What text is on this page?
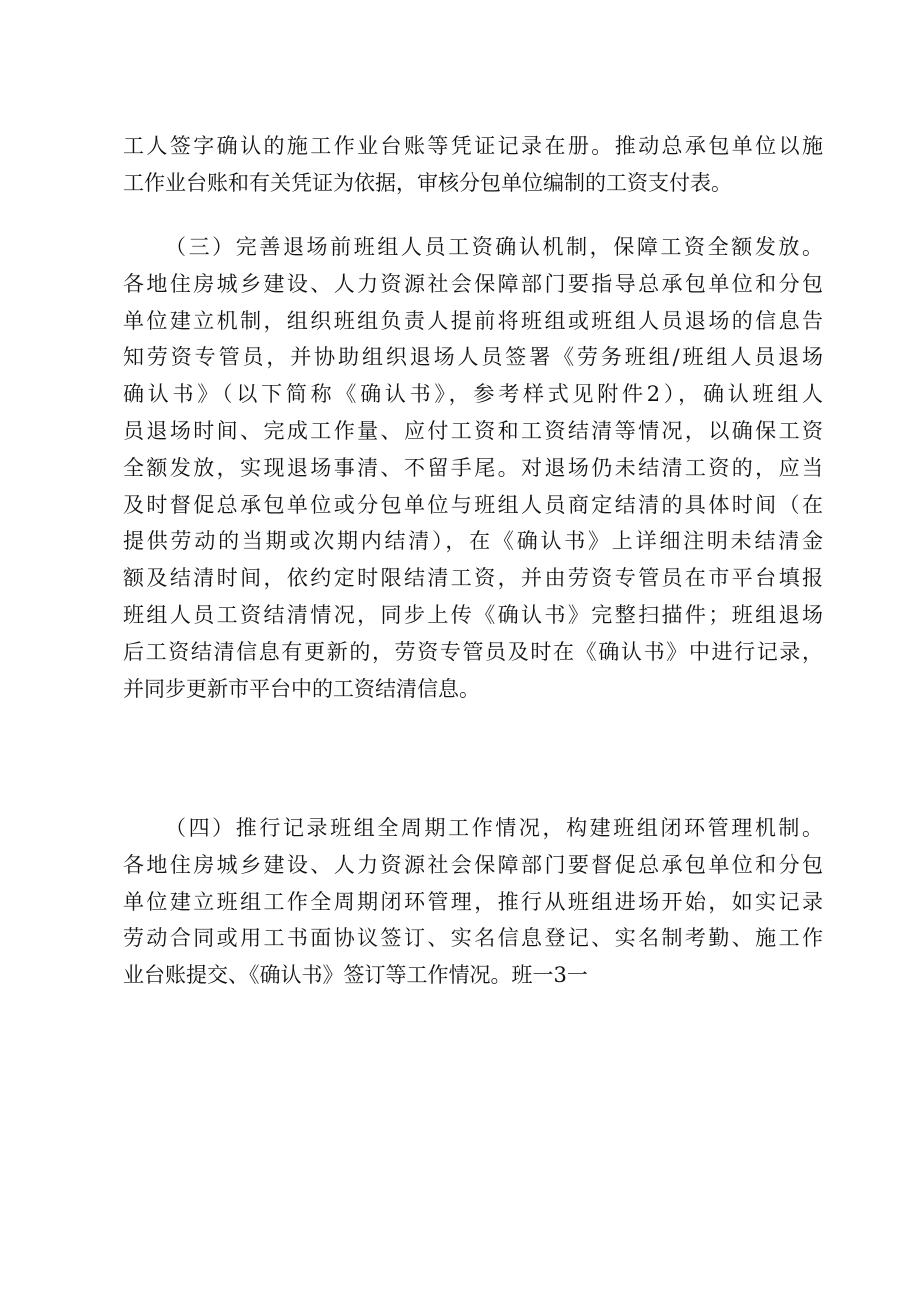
工人签字确认的施工作业台账等凭证记录在册。推动总承包单位以施
工作业台账和有关凭证为依据，审核分包单位编制的工资支付表。
（三）完善退场前班组人员工资确认机制，保障工资全额发放。
各地住房城乡建设、人力资源社会保障部门要指导总承包单位和分包
单位建立机制，组织班组负责人提前将班组或班组人员退场的信息告
知劳资专管员，并协助组织退场人员签署《劳务班组/班组人员退场
确认书》（以下简称《确认书》，参考样式见附件2），确认班组人
员退场时间、完成工作量、应付工资和工资结清等情况，以确保工资
全额发放，实现退场事清、不留手尾。对退场仍未结清工资的，应当
及时督促总承包单位或分包单位与班组人员商定结清的具体时间（在
提供劳动的当期或次期内结清），在《确认书》上详细注明未结清金
额及结清时间，依约定时限结清工资，并由劳资专管员在市平台填报
班组人员工资结清情况，同步上传《确认书》完整扫描件；班组退场
后工资结清信息有更新的，劳资专管员及时在《确认书》中进行记录，
并同步更新市平台中的工资结清信息。
（四）推行记录班组全周期工作情况，构建班组闭环管理机制。
各地住房城乡建设、人力资源社会保障部门要督促总承包单位和分包
单位建立班组工作全周期闭环管理，推行从班组进场开始，如实记录
劳动合同或用工书面协议签订、实名信息登记、实名制考勤、施工作
业台账提交、《确认书》签订等工作情况。班一3一
